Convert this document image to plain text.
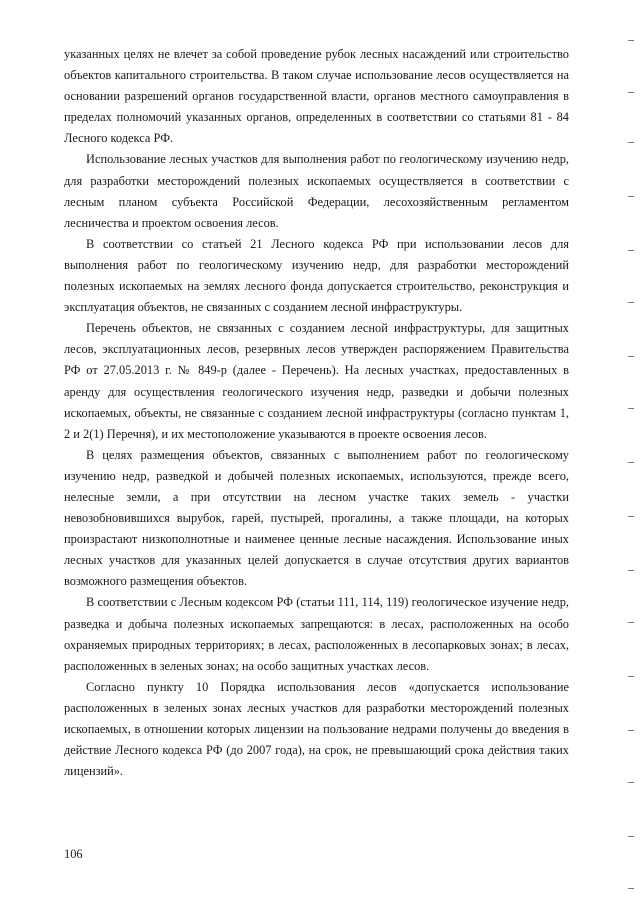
указанных целях не влечет за собой проведение рубок лесных насаждений или строительство объектов капитального строительства. В таком случае использование лесов осуществляется на основании разрешений органов государственной власти, органов местного самоуправления в пределах полномочий указанных органов, определенных в соответствии со статьями 81 - 84 Лесного кодекса РФ.

Использование лесных участков для выполнения работ по геологическому изучению недр, для разработки месторождений полезных ископаемых осуществляется в соответствии с лесным планом субъекта Российской Федерации, лесохозяйственным регламентом лесничества и проектом освоения лесов.

В соответствии со статьей 21 Лесного кодекса РФ при использовании лесов для выполнения работ по геологическому изучению недр, для разработки месторождений полезных ископаемых на землях лесного фонда допускается строительство, реконструкция и эксплуатация объектов, не связанных с созданием лесной инфраструктуры.

Перечень объектов, не связанных с созданием лесной инфраструктуры, для защитных лесов, эксплуатационных лесов, резервных лесов утвержден распоряжением Правительства РФ от 27.05.2013 г. № 849-р (далее - Перечень). На лесных участках, предоставленных в аренду для осуществления геологического изучения недр, разведки и добычи полезных ископаемых, объекты, не связанные с созданием лесной инфраструктуры (согласно пунктам 1, 2 и 2(1) Перечня), и их местоположение указываются в проекте освоения лесов.

В целях размещения объектов, связанных с выполнением работ по геологическому изучению недр, разведкой и добычей полезных ископаемых, используются, прежде всего, нелесные земли, а при отсутствии на лесном участке таких земель - участки невозобновившихся вырубок, гарей, пустырей, прогалины, а также площади, на которых произрастают низкополнотные и наименее ценные лесные насаждения. Использование иных лесных участков для указанных целей допускается в случае отсутствия других вариантов возможного размещения объектов.

В соответствии с Лесным кодексом РФ (статьи 111, 114, 119) геологическое изучение недр, разведка и добыча полезных ископаемых запрещаются: в лесах, расположенных на особо охраняемых природных территориях; в лесах, расположенных в лесопарковых зонах; в лесах, расположенных в зеленых зонах; на особо защитных участках лесов.

Согласно пункту 10 Порядка использования лесов «допускается использование расположенных в зеленых зонах лесных участков для разработки месторождений полезных ископаемых, в отношении которых лицензии на пользование недрами получены до введения в действие Лесного кодекса РФ (до 2007 года), на срок, не превышающий срока действия таких лицензий».

106
